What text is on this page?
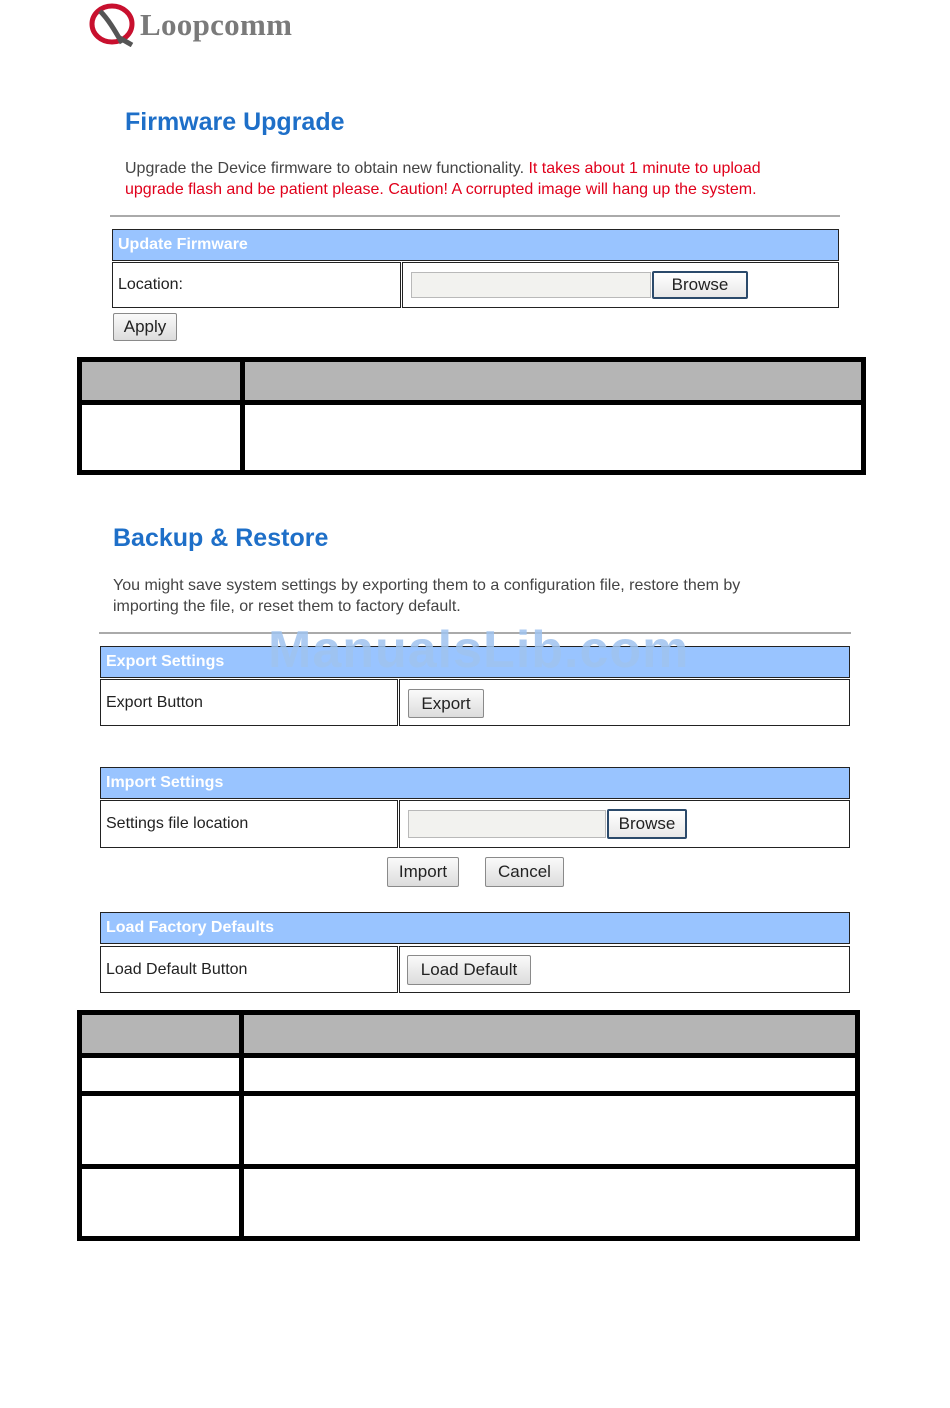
Loopcomm
Firmware Upgrade
Upgrade the Device firmware to obtain new functionality. It takes about 1 minute to upload
upgrade flash and be patient please. Caution! A corrupted image will hang up the system.
Update Firmware
Location:	Browse
Apply
Backup & Restore
You might save system settings by exporting them to a configuration file, restore them by
importing the file, or reset them to factory default.
Export Settings
Export Button	Export
Import Settings
Settings file location	Browse
Import	Cancel
Load Factory Defaults
Load Default Button	Load Default
ManualsLib.com
